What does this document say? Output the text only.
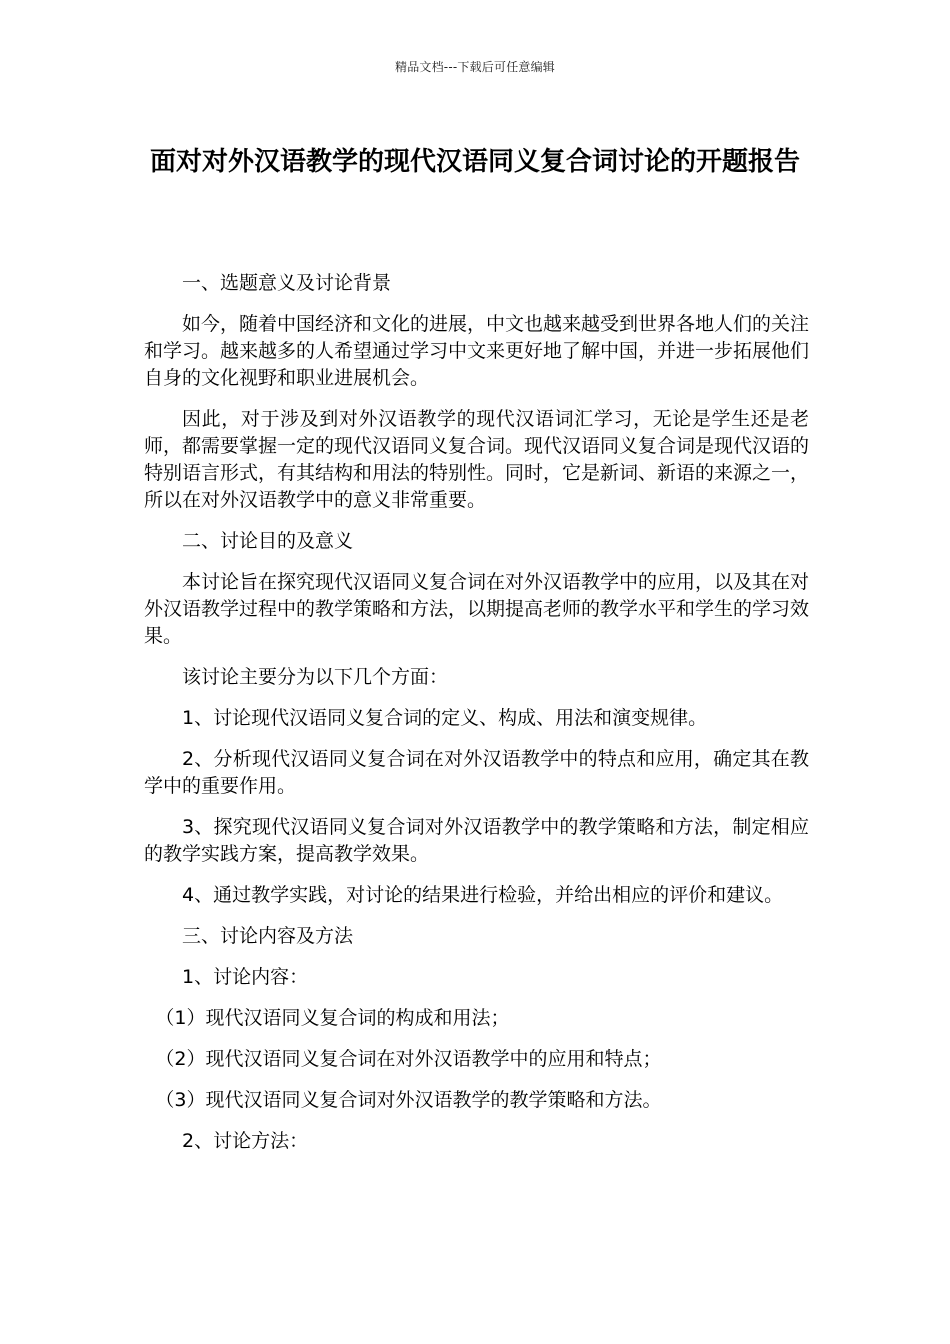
精品文档---下载后可任意编辑
面对对外汉语教学的现代汉语同义复合词讨论的开题报告

一、选题意义及讨论背景

如今，随着中国经济和文化的进展，中文也越来越受到世界各地人们的关注和学习。越来越多的人希望通过学习中文来更好地了解中国，并进一步拓展他们自身的文化视野和职业进展机会。

因此，对于涉及到对外汉语教学的现代汉语词汇学习，无论是学生还是老师，都需要掌握一定的现代汉语同义复合词。现代汉语同义复合词是现代汉语的特别语言形式，有其结构和用法的特别性。同时，它是新词、新语的来源之一，所以在对外汉语教学中的意义非常重要。

二、讨论目的及意义

本讨论旨在探究现代汉语同义复合词在对外汉语教学中的应用，以及其在对外汉语教学过程中的教学策略和方法，以期提高老师的教学水平和学生的学习效果。

该讨论主要分为以下几个方面：

1、讨论现代汉语同义复合词的定义、构成、用法和演变规律。

2、分析现代汉语同义复合词在对外汉语教学中的特点和应用，确定其在教学中的重要作用。

3、探究现代汉语同义复合词对外汉语教学中的教学策略和方法，制定相应的教学实践方案，提高教学效果。

4、通过教学实践，对讨论的结果进行检验，并给出相应的评价和建议。

三、讨论内容及方法

1、讨论内容：

（1）现代汉语同义复合词的构成和用法；

（2）现代汉语同义复合词在对外汉语教学中的应用和特点；

（3）现代汉语同义复合词对外汉语教学的教学策略和方法。

2、讨论方法：
